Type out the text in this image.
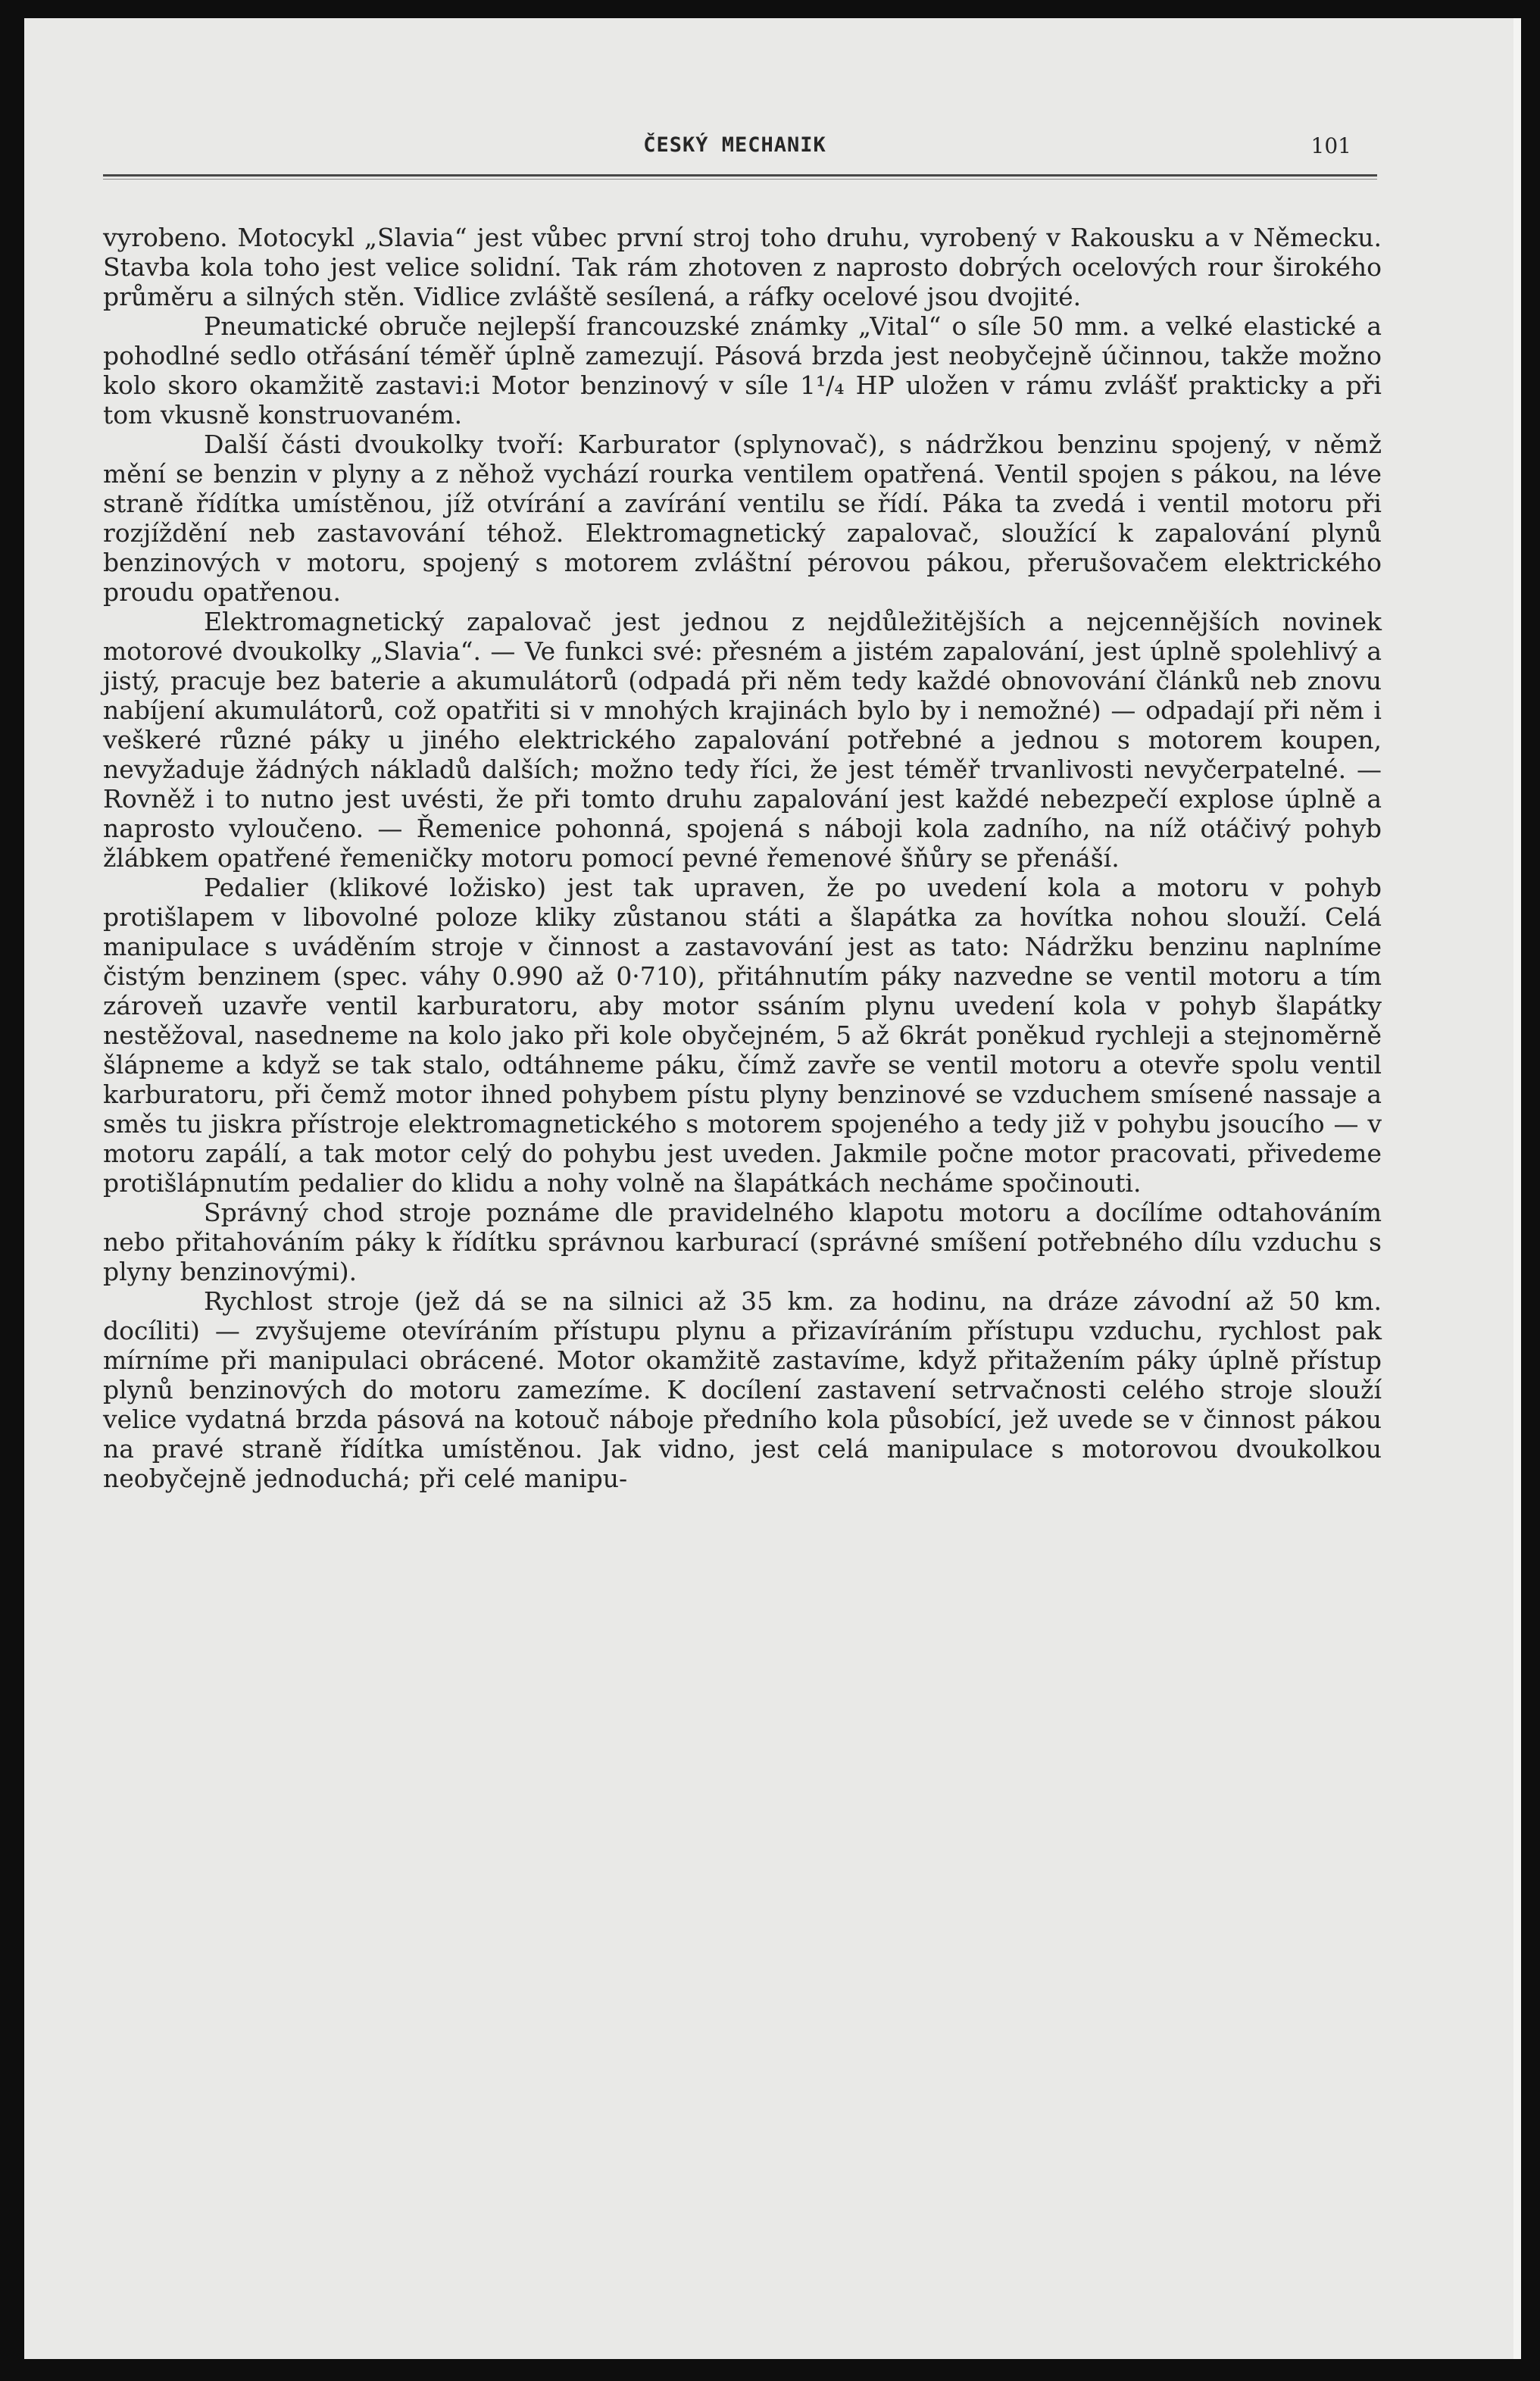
ČESKÝ MECHANIK	101

vyrobeno. Motocykl „Slavia“ jest vůbec první stroj toho druhu, vyrobený v Rakousku a v Německu. Stavba kola toho jest velice solidní. Tak rám zhotoven z naprosto dobrých ocelových rour širokého průměru a silných stěn. Vidlice zvláště sesílená, a ráfky ocelové jsou dvojité.

Pneumatické obruče nejlepší francouzské známky „Vital“ o síle 50 mm. a velké elastické a pohodlné sedlo otřásání téměř úplně zamezují. Pásová brzda jest neobyčejně účinnou, takže možno kolo skoro okamžitě zastavi:i Motor benzinový v síle 1¹/₄ HP uložen v rámu zvlášť prakticky a při tom vkusně konstruovaném.

Další části dvoukolky tvoří: Karburator (splynovač), s nádržkou benzinu spojený, v němž mění se benzin v plyny a z něhož vychází rourka ventilem opatřená. Ventil spojen s pákou, na léve straně řídítka umístěnou, jíž otvírání a zavírání ventilu se řídí. Páka ta zvedá i ventil motoru při rozjíždění neb zastavování téhož. Elektromagnetický zapalovač, sloužící k zapalování plynů benzinových v motoru, spojený s motorem zvláštní pérovou pákou, přerušovačem elektrického proudu opatřenou.

Elektromagnetický zapalovač jest jednou z nejdůležitějších a nejcennějších novinek motorové dvoukolky „Slavia“. — Ve funkci své: přesném a jistém zapalování, jest úplně spolehlivý a jistý, pracuje bez baterie a akumulátorů (odpadá při něm tedy každé obnovování článků neb znovu nabíjení akumulátorů, což opatřiti si v mnohých krajinách bylo by i nemožné) — odpadají při něm i veškeré různé páky u jiného elektrického zapalování potřebné a jednou s motorem koupen, nevyžaduje žádných nákladů dalších; možno tedy říci, že jest téměř trvanlivosti nevyčerpatelné. — Rovněž i to nutno jest uvésti, že při tomto druhu zapalování jest každé nebezpečí explose úplně a naprosto vyloučeno. — Řemenice pohonná, spojená s náboji kola zadního, na níž otáčivý pohyb žlábkem opatřené řemeničky motoru pomocí pevné řemenové šňůry se přenáší.

Pedalier (klikové ložisko) jest tak upraven, že po uvedení kola a motoru v pohyb protišlapem v libovolné poloze kliky zůstanou státi a šlapátka za hovítka nohou slouží. Celá manipulace s uváděním stroje v činnost a zastavování jest as tato: Nádržku benzinu naplníme čistým benzinem (spec. váhy 0.990 až 0·710), přitáhnutím páky nazvedne se ventil motoru a tím zároveň uzavře ventil karburatoru, aby motor ssáním plynu uvedení kola v pohyb šlapátky nestěžoval, nasedneme na kolo jako při kole obyčejném, 5 až 6krát poněkud rychleji a stejnoměrně šlápneme a když se tak stalo, odtáhneme páku, čímž zavře se ventil motoru a otevře spolu ventil karburatoru, při čemž motor ihned pohybem pístu plyny benzinové se vzduchem smísené nassaje a směs tu jiskra přístroje elektromagnetického s motorem spojeného a tedy již v pohybu jsoucího — v motoru zapálí, a tak motor celý do pohybu jest uveden. Jakmile počne motor pracovati, přivedeme protišlápnutím pedalier do klidu a nohy volně na šlapátkách necháme spočinouti.

Správný chod stroje poznáme dle pravidelného klapotu motoru a docílíme odtahováním nebo přitahováním páky k řídítku správnou karburací (správné smíšení potřebného dílu vzduchu s plyny benzinovými).

Rychlost stroje (jež dá se na silnici až 35 km. za hodinu, na dráze závodní až 50 km. docíliti) — zvyšujeme otevíráním přístupu plynu a přizavíráním přístupu vzduchu, rychlost pak mírníme při manipulaci obrácené. Motor okamžitě zastavíme, když přitažením páky úplně přístup plynů benzinových do motoru zamezíme. K docílení zastavení setrvačnosti celého stroje slouží velice vydatná brzda pásová na kotouč náboje předního kola působící, jež uvede se v činnost pákou na pravé straně řídítka umístěnou. Jak vidno, jest celá manipulace s motorovou dvoukolkou neobyčejně jednoduchá; při celé manipu-
